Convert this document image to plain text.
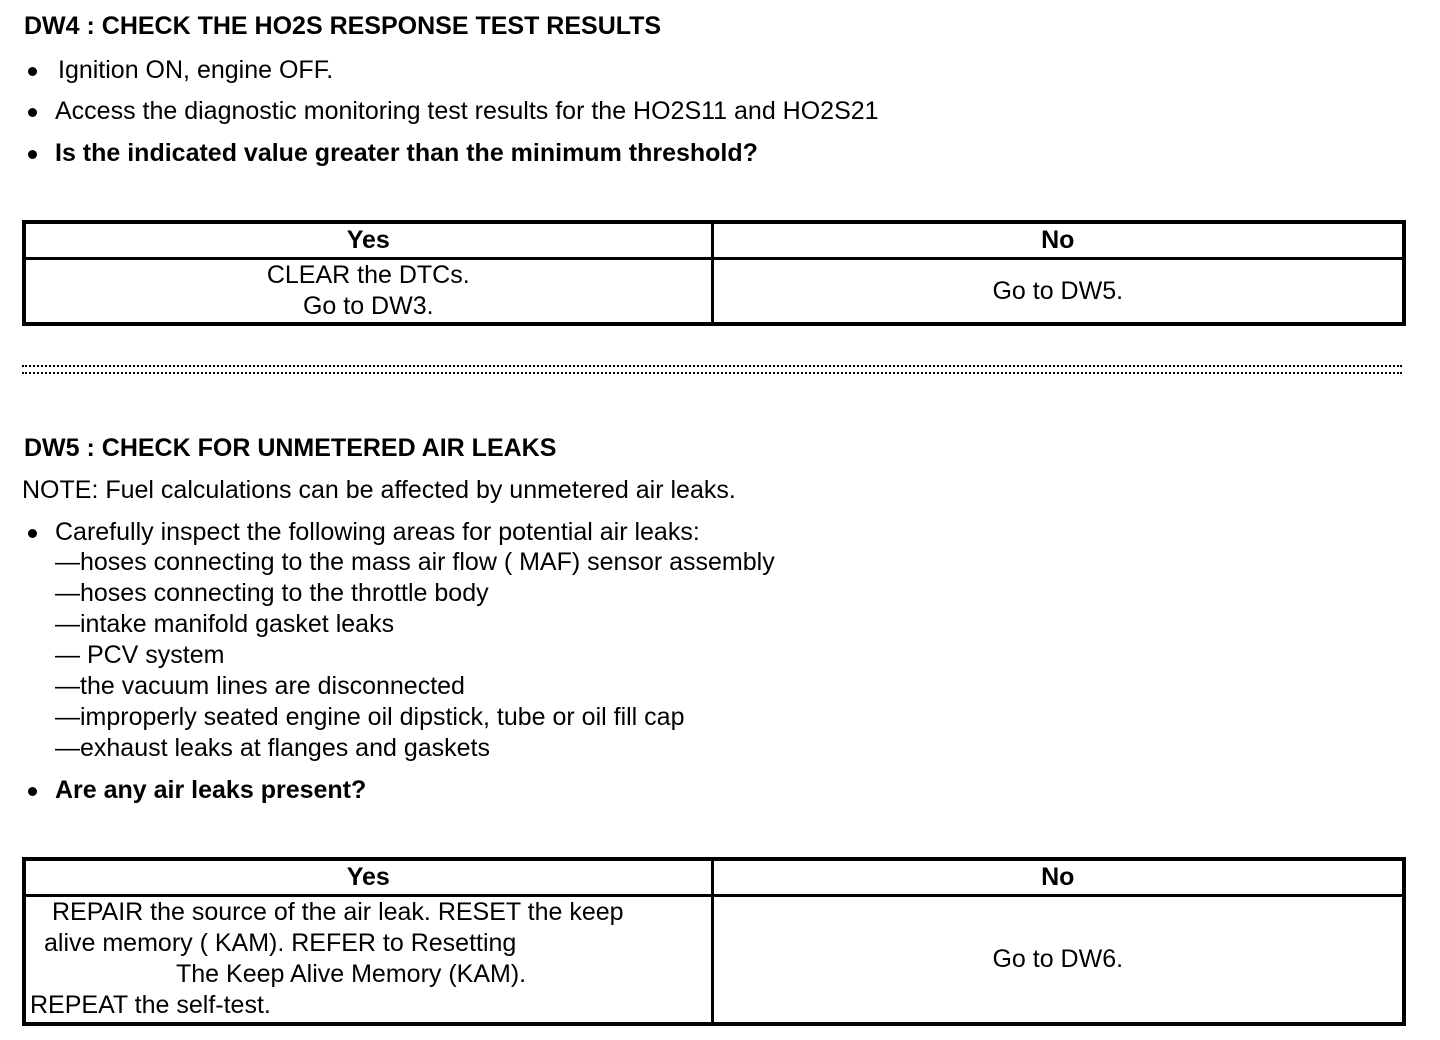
DW4 : CHECK THE HO2S RESPONSE TEST RESULTS
Ignition ON, engine OFF.
Access the diagnostic monitoring test results for the HO2S11 and HO2S21
Is the indicated value greater than the minimum threshold?
Yes	No

CLEAR the DTCs.
Go to DW3.	Go to DW5.
DW5 : CHECK FOR UNMETERED AIR LEAKS
NOTE: Fuel calculations can be affected by unmetered air leaks.
Carefully inspect the following areas for potential air leaks:
—hoses connecting to the mass air flow ( MAF) sensor assembly
—hoses connecting to the throttle body
—intake manifold gasket leaks
— PCV system
—the vacuum lines are disconnected
—improperly seated engine oil dipstick, tube or oil fill cap
—exhaust leaks at flanges and gaskets
Are any air leaks present?
Yes	No

REPAIR the source of the air leak. RESET the keep
alive memory ( KAM). REFER to Resetting
The Keep Alive Memory (KAM).
REPEAT the self-test.	Go to DW6.
